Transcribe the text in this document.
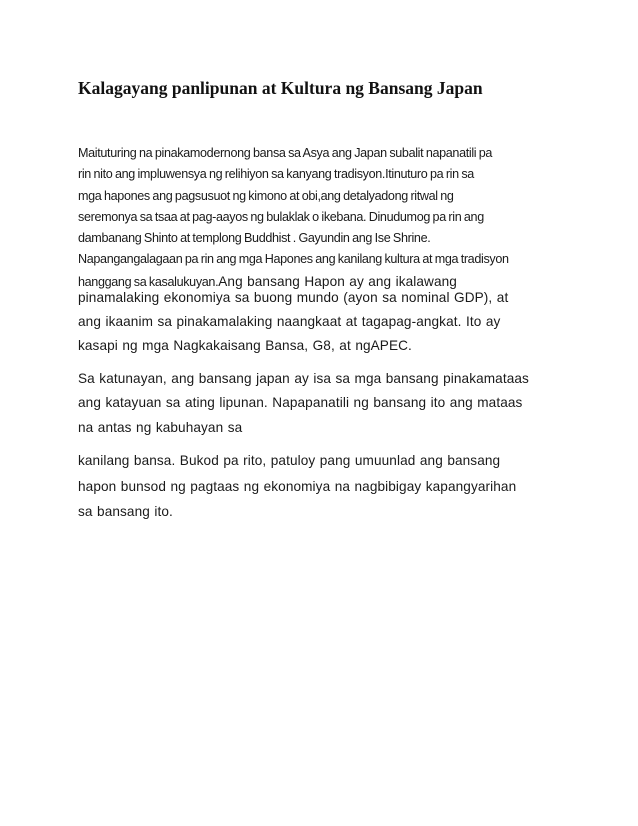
Kalagayang panlipunan at Kultura ng Bansang Japan

Maituturing na pinakamodernong bansa sa Asya ang Japan subalit napanatili pa
rin nito ang impluwensya ng relihiyon sa kanyang tradisyon.Itinuturo pa rin sa
mga hapones ang pagsusuot ng kimono at obi,ang detalyadong ritwal ng
seremonya sa tsaa at pag-aayos ng bulaklak o ikebana. Dinudumog pa rin ang
dambanang Shinto at templong Buddhist . Gayundin ang Ise Shrine.
Napangangalagaan pa rin ang mga Hapones ang kanilang kultura at mga tradisyon
hanggang sa kasalukuyan.Ang bansang Hapon ay ang ikalawang

pinamalaking ekonomiya sa buong mundo (ayon sa nominal GDP), at
ang ikaanim sa pinakamalaking naangkaat at tagapag-angkat. Ito ay
kasapi ng mga Nagkakaisang Bansa, G8, at ngAPEC.

Sa katunayan, ang bansang japan ay isa sa mga bansang pinakamataas
ang katayuan sa ating lipunan. Napapanatili ng bansang ito ang mataas
na antas ng kabuhayan sa

kanilang bansa. Bukod pa rito, patuloy pang umuunlad ang bansang
hapon bunsod ng pagtaas ng ekonomiya na nagbibigay kapangyarihan
sa bansang ito.
